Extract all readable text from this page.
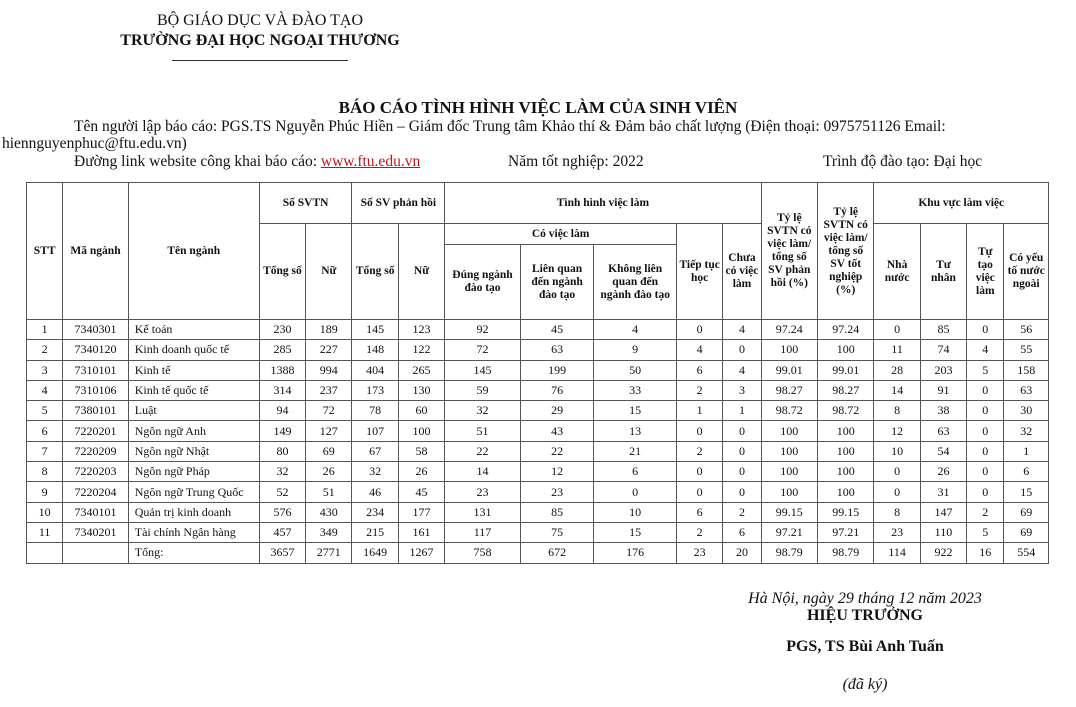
BỘ GIÁO DỤC VÀ ĐÀO TẠO
TRƯỜNG ĐẠI HỌC NGOẠI THƯƠNG
BÁO CÁO TÌNH HÌNH VIỆC LÀM CỦA SINH VIÊN
Tên người lập báo cáo: PGS.TS Nguyễn Phúc Hiền – Giám đốc Trung tâm Khảo thí & Đảm bảo chất lượng (Điện thoại: 0975751126 Email:
hiennguyenphuc@ftu.edu.vn)
Đường link website công khai báo cáo: www.ftu.edu.vn	Năm tốt nghiệp: 2022	Trình độ đào tạo: Đại học
STT	Mã ngành	Tên ngành	Số SVTN		Số SV phản hồi		Tình hình việc làm					Tỷ lệ SVTN có việc làm/ tổng số SV phản hồi (%)	Tỷ lệ SVTN có việc làm/ tổng số SV tốt nghiệp (%)	Khu vực làm việc			
			Tổng số	Nữ	Tổng số	Nữ	Có việc làm			Tiếp tục học	Chưa có việc làm			Nhà nước	Tư nhân	Tự tạo việc làm	Có yếu tố nước ngoài
							Đúng ngành đào tạo	Liên quan đến ngành đào tạo	Không liên quan đến ngành đào tạo								
1	7340301	Kế toán	230	189	145	123	92	45	4	0	4	97.24	97.24	0	85	0	56
2	7340120	Kinh doanh quốc tế	285	227	148	122	72	63	9	4	0	100	100	11	74	4	55
3	7310101	Kinh tế	1388	994	404	265	145	199	50	6	4	99.01	99.01	28	203	5	158
4	7310106	Kinh tế quốc tế	314	237	173	130	59	76	33	2	3	98.27	98.27	14	91	0	63
5	7380101	Luật	94	72	78	60	32	29	15	1	1	98.72	98.72	8	38	0	30
6	7220201	Ngôn ngữ Anh	149	127	107	100	51	43	13	0	0	100	100	12	63	0	32
7	7220209	Ngôn ngữ Nhật	80	69	67	58	22	22	21	2	0	100	100	10	54	0	1
8	7220203	Ngôn ngữ Pháp	32	26	32	26	14	12	6	0	0	100	100	0	26	0	6
9	7220204	Ngôn ngữ Trung Quốc	52	51	46	45	23	23	0	0	0	100	100	0	31	0	15
10	7340101	Quản trị kinh doanh	576	430	234	177	131	85	10	6	2	99.15	99.15	8	147	2	69
11	7340201	Tài chính Ngân hàng	457	349	215	161	117	75	15	2	6	97.21	97.21	23	110	5	69
		Tổng:	3657	2771	1649	1267	758	672	176	23	20	98.79	98.79	114	922	16	554
Hà Nội, ngày 29 tháng 12 năm 2023
HIỆU TRƯỞNG
PGS, TS Bùi Anh Tuấn
(đã ký)
